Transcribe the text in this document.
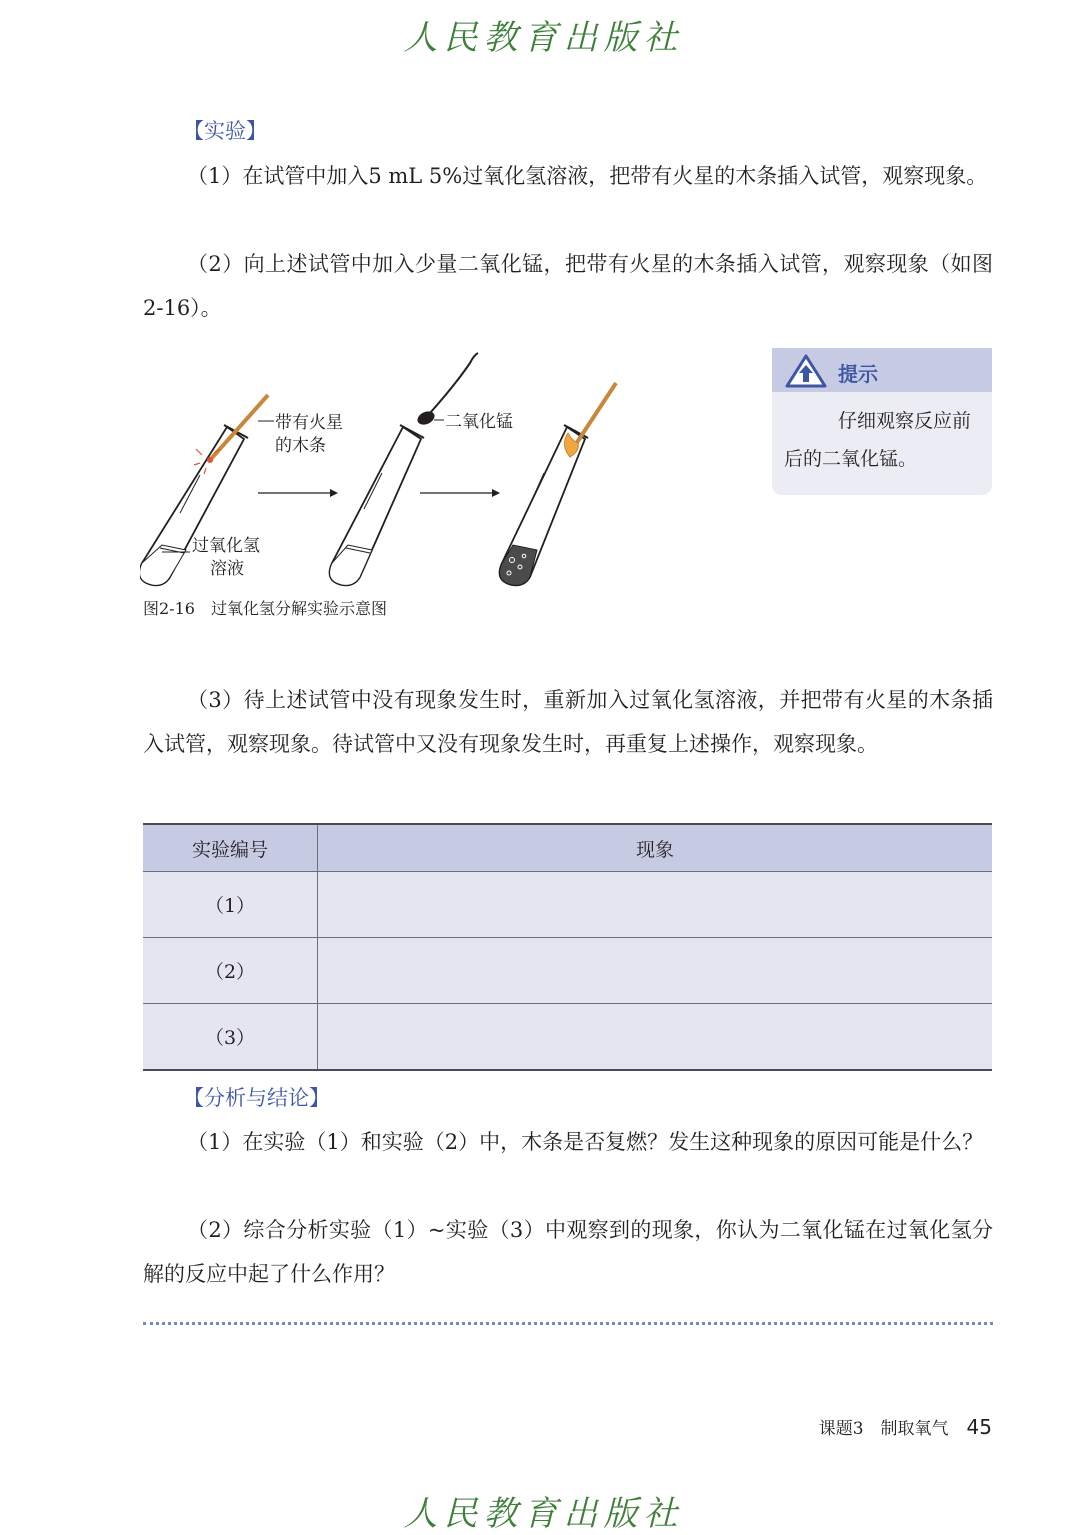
人民教育出版社
【实验】
（1）在试管中加入5 mL 5%过氧化氢溶液，把带有火星的木条插入试管，观察现象。
（2）向上述试管中加入少量二氧化锰，把带有火星的木条插入试管，观察现象（如图2-16）。
带有火星
的木条
过氧化氢
溶液
二氧化锰
图2-16　过氧化氢分解实验示意图
提示
仔细观察反应前后的二氧化锰。
（3）待上述试管中没有现象发生时，重新加入过氧化氢溶液，并把带有火星的木条插入试管，观察现象。待试管中又没有现象发生时，再重复上述操作，观察现象。
实验编号	现象
（1）	
（2）	
（3）	
【分析与结论】
（1）在实验（1）和实验（2）中，木条是否复燃？发生这种现象的原因可能是什么？
（2）综合分析实验（1）~实验（3）中观察到的现象，你认为二氧化锰在过氧化氢分解的反应中起了什么作用？
课题3　制取氧气 45
人民教育出版社
